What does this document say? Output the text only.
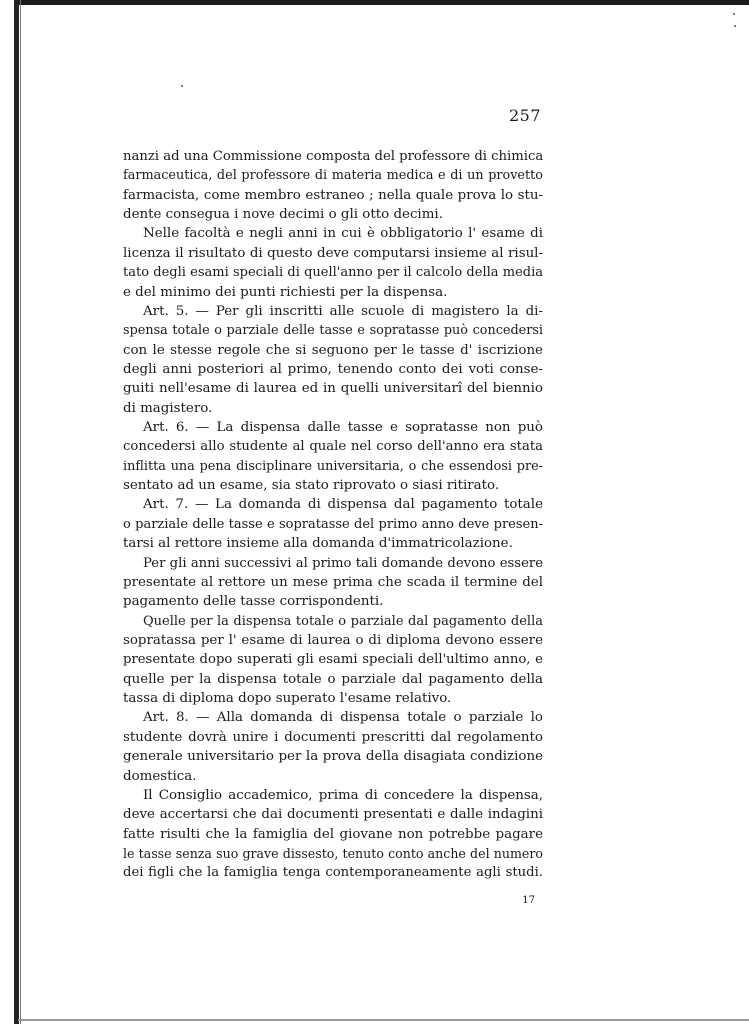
257
nanzi ad una Commissione composta del professore di chimica
farmaceutica, del professore di materia medica e di un provetto
farmacista, come membro estraneo ; nella quale prova lo stu-
dente consegua i nove decimi o gli otto decimi.
Nelle facoltà e negli anni in cui è obbligatorio l' esame di
licenza il risultato di questo deve computarsi insieme al risul-
tato degli esami speciali di quell'anno per il calcolo della media
e del minimo dei punti richiesti per la dispensa.
Art. 5. — Per gli inscritti alle scuole di magistero la di-
spensa totale o parziale delle tasse e sopratasse può concedersi
con le stesse regole che si seguono per le tasse d' iscrizione
degli anni posteriori al primo, tenendo conto dei voti conse-
guiti nell'esame di laurea ed in quelli universitarî del biennio
di magistero.
Art. 6. — La dispensa dalle tasse e sopratasse non può
concedersi allo studente al quale nel corso dell'anno era stata
inflitta una pena disciplinare universitaria, o che essendosi pre-
sentato ad un esame, sia stato riprovato o siasi ritirato.
Art. 7. — La domanda di dispensa dal pagamento totale
o parziale delle tasse e sopratasse del primo anno deve presen-
tarsi al rettore insieme alla domanda d'immatricolazione.
Per gli anni successivi al primo tali domande devono essere
presentate al rettore un mese prima che scada il termine del
pagamento delle tasse corrispondenti.
Quelle per la dispensa totale o parziale dal pagamento della
sopratassa per l' esame di laurea o di diploma devono essere
presentate dopo superati gli esami speciali dell'ultimo anno, e
quelle per la dispensa totale o parziale dal pagamento della
tassa di diploma dopo superato l'esame relativo.
Art. 8. — Alla domanda di dispensa totale o parziale lo
studente dovrà unire i documenti prescritti dal regolamento
generale universitario per la prova della disagiata condizione
domestica.
Il Consiglio accademico, prima di concedere la dispensa,
deve accertarsi che dai documenti presentati e dalle indagini
fatte risulti che la famiglia del giovane non potrebbe pagare
le tasse senza suo grave dissesto, tenuto conto anche del numero
dei figli che la famiglia tenga contemporaneamente agli studi.
17
